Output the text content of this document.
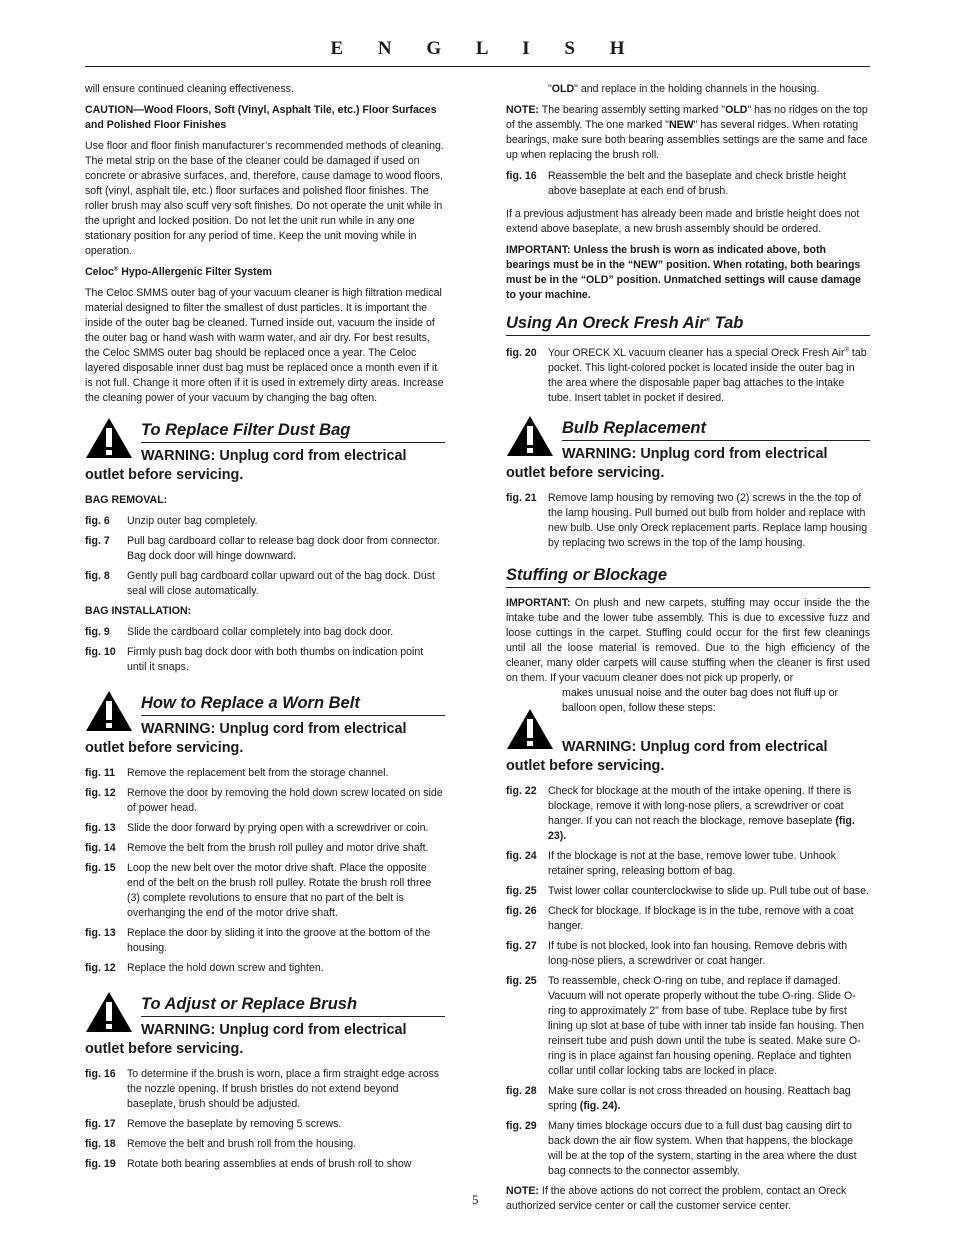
E N G L I S H

will ensure continued cleaning effectiveness.

CAUTION—Wood Floors, Soft (Vinyl, Asphalt Tile, etc.) Floor Surfaces and Polished Floor Finishes

Use floor and floor finish manufacturer’s recommended methods of cleaning. The metal strip on the base of the cleaner could be damaged if used on concrete or abrasive surfaces, and, therefore, cause damage to wood floors, soft (vinyl, asphalt tile, etc.) floor surfaces and polished floor finishes. The roller brush may also scuff very soft finishes. Do not operate the unit while in the upright and locked position. Do not let the unit run while in any one stationary position for any period of time. Keep the unit moving while in operation.

Celoc® Hypo-Allergenic Filter System

The Celoc SMMS outer bag of your vacuum cleaner is high filtration medical material designed to filter the smallest of dust particles. It is important the inside of the outer bag be cleaned. Turned inside out, vacuum the inside of the outer bag or hand wash with warm water, and air dry. For best results, the Celoc SMMS outer bag should be replaced once a year. The Celoc layered disposable inner dust bag must be replaced once a month even if it is not full. Change it more often if it is used in extremely dirty areas. Increase the cleaning power of your vacuum by changing the bag often.

To Replace Filter Dust Bag
WARNING: Unplug cord from electrical outlet before servicing.

BAG REMOVAL:

fig. 6	Unzip outer bag completely.
fig. 7	Pull bag cardboard collar to release bag dock door from connector. Bag dock door will hinge downward.
fig. 8	Gently pull bag cardboard collar upward out of the bag dock. Dust seal will close automatically.

BAG INSTALLATION:

fig. 9	Slide the cardboard collar completely into bag dock door.
fig. 10	Firmly push bag dock door with both thumbs on indication point until it snaps.
How to Replace a Worn Belt
WARNING: Unplug cord from electrical outlet before servicing.
fig. 11	Remove the replacement belt from the storage channel.
fig. 12	Remove the door by removing the hold down screw located on side of power head.
fig. 13	Slide the door forward by prying open with a screwdriver or coin.
fig. 14	Remove the belt from the brush roll pulley and motor drive shaft.
fig. 15	Loop the new belt over the motor drive shaft. Place the opposite end of the belt on the brush roll pulley. Rotate the brush roll three (3) complete revolutions to ensure that no part of the belt is overhanging the end of the motor drive shaft.
fig. 13	Replace the door by sliding it into the groove at the bottom of the housing.
fig. 12	Replace the hold down screw and tighten.
To Adjust or Replace Brush
WARNING: Unplug cord from electrical outlet before servicing.
fig. 16	To determine if the brush is worn, place a firm straight edge across the nozzle opening. If brush bristles do not extend beyond baseplate, brush should be adjusted.
fig. 17	Remove the baseplate by removing 5 screws.
fig. 18	Remove the belt and brush roll from the housing.
fig. 19	Rotate both bearing assemblies at ends of brush roll to show

"OLD" and replace in the holding channels in the housing.

NOTE: The bearing assembly setting marked "OLD" has no ridges on the top of the assembly. The one marked "NEW" has several ridges. When rotating bearings, make sure both bearing assemblies settings are the same and face up when replacing the brush roll.

fig. 16	Reassemble the belt and the baseplate and check bristle height above baseplate at each end of brush.

If a previous adjustment has already been made and bristle height does not extend above baseplate, a new brush assembly should be ordered.

IMPORTANT: Unless the brush is worn as indicated above, both bearings must be in the “NEW” position. When rotating, both bearings must be in the “OLD” position. Unmatched settings will cause damage to your machine.

Using An Oreck Fresh Air® Tab
fig. 20	Your ORECK XL vacuum cleaner has a special Oreck Fresh Air® tab pocket. This light-colored pocket is located inside the outer bag in the area where the disposable paper bag attaches to the intake tube. Insert tablet in pocket if desired.
Bulb Replacement
WARNING: Unplug cord from electrical outlet before servicing.
fig. 21	Remove lamp housing by removing two (2) screws in the the top of the lamp housing. Pull burned out bulb from holder and replace with new bulb. Use only Oreck replacement parts. Replace lamp housing by replacing two screws in the top of the lamp housing.
Stuffing or Blockage

IMPORTANT: On plush and new carpets, stuffing may occur inside the the intake tube and the lower tube assembly. This is due to excessive fuzz and loose cuttings in the carpet. Stuffing could occur for the first few cleanings until all the loose material is removed. Due to the high efficiency of the cleaner, many older carpets will cause stuffing when the cleaner is first used on them. If your vacuum cleaner does not pick up properly, or

makes unusual noise and the outer bag does not fluff up or balloon open, follow these steps:

WARNING: Unplug cord from electrical outlet before servicing.
fig. 22	Check for blockage at the mouth of the intake opening. If there is blockage, remove it with long-nose pliers, a screwdriver or coat hanger. If you can not reach the blockage, remove baseplate (fig. 23).
fig. 24	If the blockage is not at the base, remove lower tube. Unhook retainer spring, releasing bottom of bag.
fig. 25	Twist lower collar counterclockwise to slide up. Pull tube out of base.
fig. 26	Check for blockage. If blockage is in the tube, remove with a coat hanger.
fig. 27	If tube is not blocked, look into fan housing. Remove debris with long-nose pliers, a screwdriver or coat hanger.
fig. 25	To reassemble, check O-ring on tube, and replace if damaged. Vacuum will not operate properly without the tube O-ring. Slide O-ring to approximately 2" from base of tube. Replace tube by first lining up slot at base of tube with inner tab inside fan housing. Then reinsert tube and push down until the tube is seated. Make sure O-ring is in place against fan housing opening. Replace and tighten collar until collar locking tabs are locked in place.
fig. 28	Make sure collar is not cross threaded on housing. Reattach bag spring (fig. 24).
fig. 29	Many times blockage occurs due to a full dust bag causing dirt to back down the air flow system. When that happens, the blockage will be at the top of the system, starting in the area where the dust bag connects to the connector assembly.

NOTE: If the above actions do not correct the problem, contact an Oreck authorized service center or call the customer service center.

5
